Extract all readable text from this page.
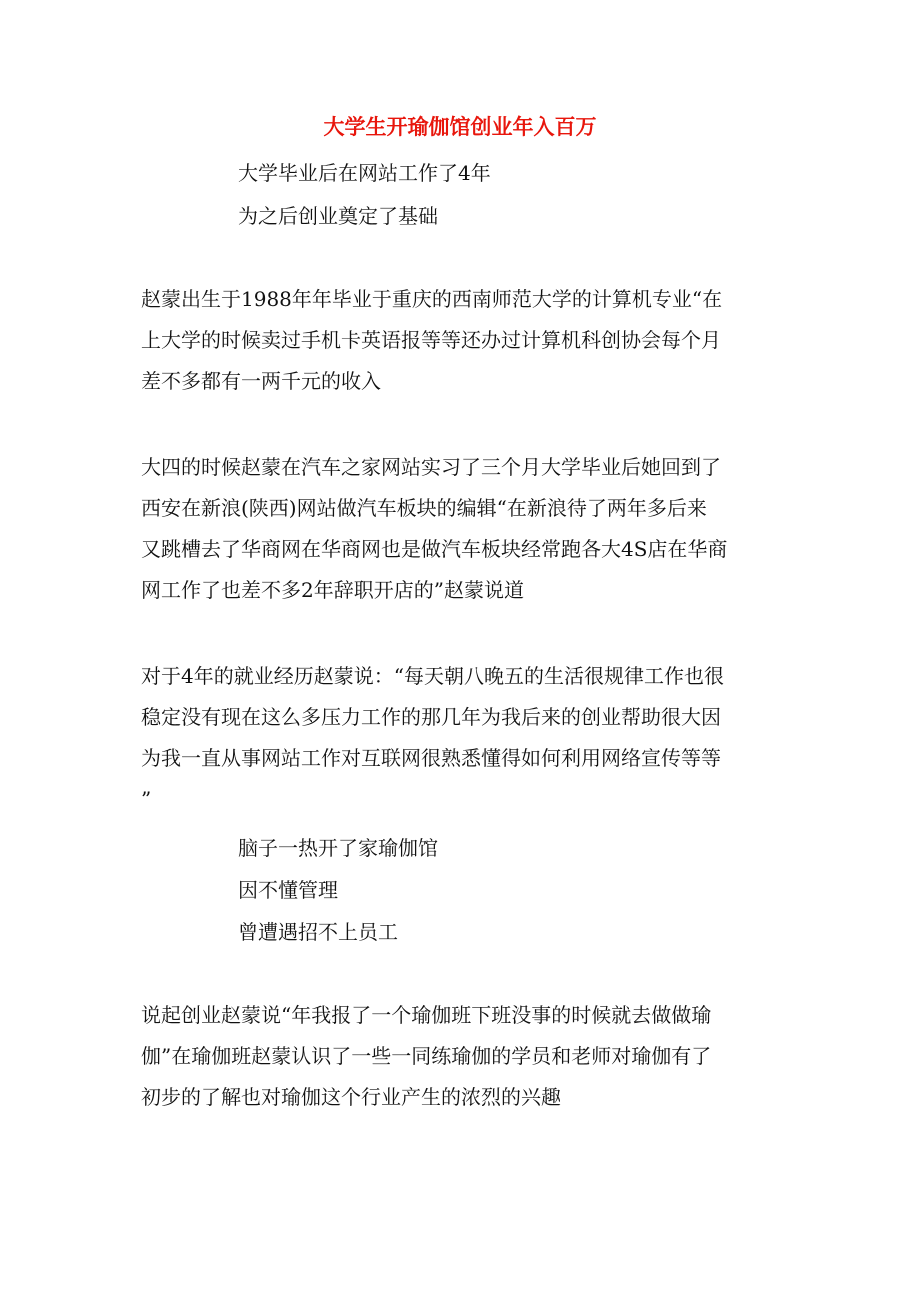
大学生开瑜伽馆创业年入百万

大学毕业后在网站工作了4年

为之后创业奠定了基础

赵蒙出生于1988年年毕业于重庆的西南师范大学的计算机专业“在
上大学的时候卖过手机卡英语报等等还办过计算机科创协会每个月
差不多都有一两千元的收入
大四的时候赵蒙在汽车之家网站实习了三个月大学毕业后她回到了
西安在新浪(陕西)网站做汽车板块的编辑“在新浪待了两年多后来
又跳槽去了华商网在华商网也是做汽车板块经常跑各大4S店在华商
网工作了也差不多2年辞职开店的”赵蒙说道
对于4年的就业经历赵蒙说：“每天朝八晚五的生活很规律工作也很
稳定没有现在这么多压力工作的那几年为我后来的创业帮助很大因
为我一直从事网站工作对互联网很熟悉懂得如何利用网络宣传等等
”

脑子一热开了家瑜伽馆

因不懂管理

曾遭遇招不上员工

说起创业赵蒙说“年我报了一个瑜伽班下班没事的时候就去做做瑜
伽”在瑜伽班赵蒙认识了一些一同练瑜伽的学员和老师对瑜伽有了
初步的了解也对瑜伽这个行业产生的浓烈的兴趣
